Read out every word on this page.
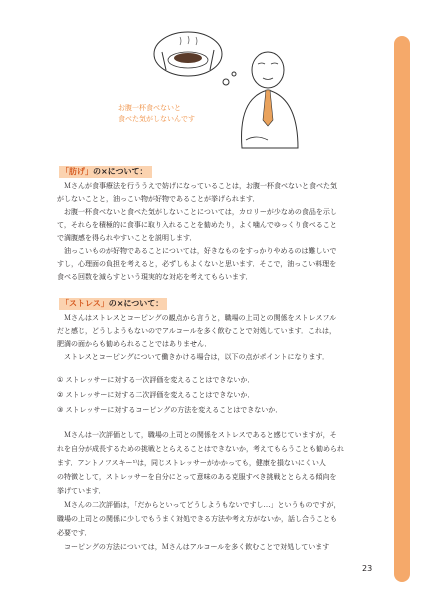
お腹一杯食べないと
食べた気がしないんです
「肪げ」の×について：
　Ｍさんが食事療法を行ううえで妨げになっていることは，お腹一杯食べないと食べた気
がしないことと，油っこい物が好物であることが挙げられます．
　お腹一杯食べないと食べた気がしないことについては，カロリーが少なめの食品を示し
て，それらを積極的に食事に取り入れることを勧めたり，よく噛んでゆっくり食べること
で満腹感を得られやすいことを説明します．
　油っこいものが好物であることについては，好きなものをすっかりやめるのは難しいで
すし，心理面の負担を考えると，必ずしもよくないと思います．そこで，油っこい料理を
食べる回数を減らすという現実的な対応を考えてもらいます．
「ストレス」の×について：
　Ｍさんはストレスとコーピングの観点から言うと，職場の上司との関係をストレスフル
だと感じ，どうしようもないのでアルコールを多く飲むことで対処しています．これは，
肥満の面からも勧められることではありません．
　ストレスとコーピングについて働きかける場合は，以下の点がポイントになります．
① ストレッサーに対する一次評価を変えることはできないか．
② ストレッサーに対する二次評価を変えることはできないか．
③ ストレッサーに対するコーピングの方法を変えることはできないか．
　Ｍさんは一次評価として，職場の上司との関係をストレスであると感じていますが，そ
れを自分が成長するための挑戦ととらえることはできないか，考えてもらうことも勧められ
ます．アントノフスキー¹⁾は，同じストレッサーがかかっても，健康を損ないにくい人
の特徴として，ストレッサーを自分にとって意味のある克服すべき挑戦ととらえる傾向を
挙げています．
　Ｍさんの二次評価は，「だからといってどうしようもないですし…」というものですが，
職場の上司との関係に少しでもうまく対処できる方法や考え方がないか，話し合うことも
必要です．
　コーピングの方法については，Ｍさんはアルコールを多く飲むことで対処しています
23
